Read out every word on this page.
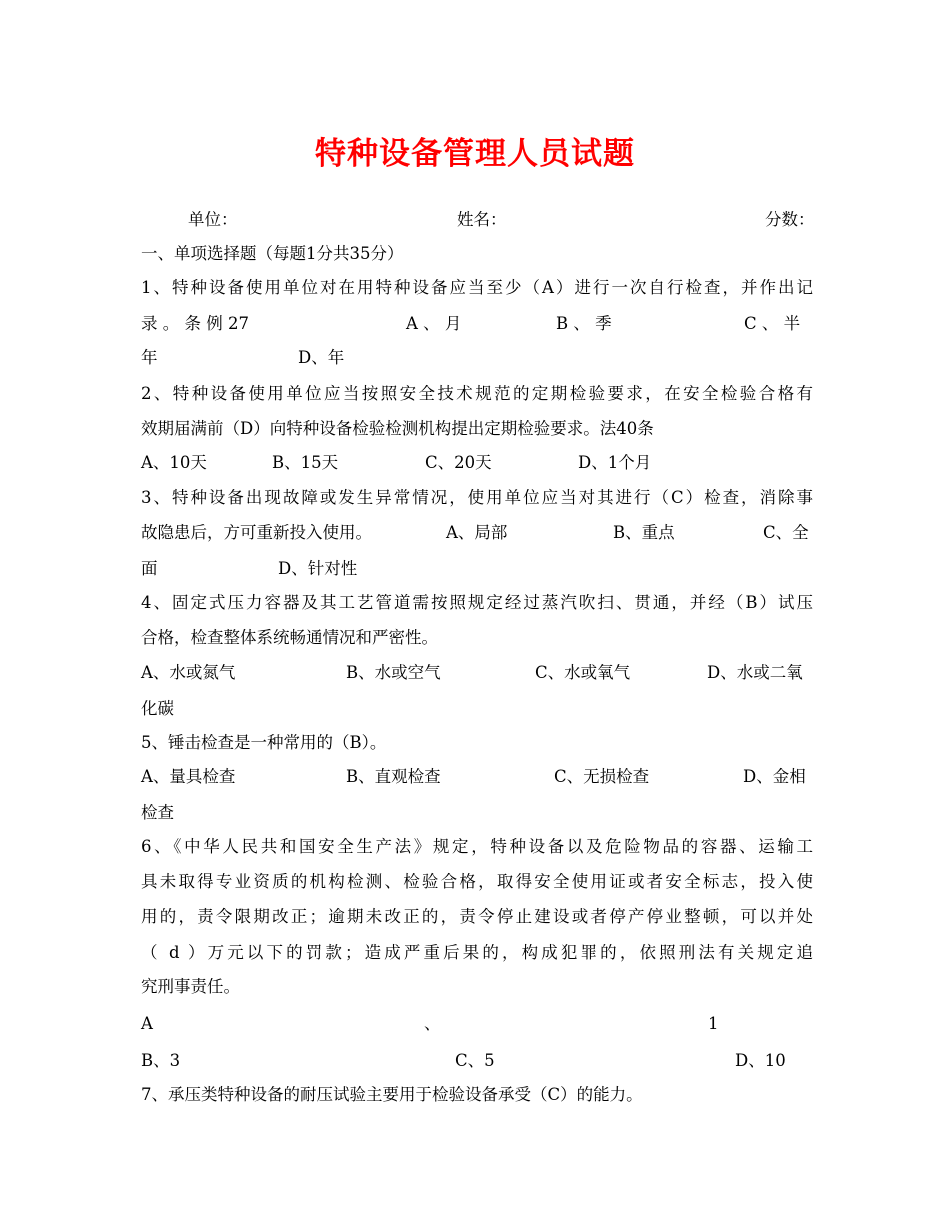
特种设备管理人员试题
单位：	姓名：	分数：
一、单项选择题（每题1分共35分）
1、特种设备使用单位对在用特种设备应当至少（A）进行一次自行检查，并作出记
录 。 条 例 27	A 、 月	B 、 季	C 、 半
年	D、年
2、特种设备使用单位应当按照安全技术规范的定期检验要求，在安全检验合格有
效期届满前（D）向特种设备检验检测机构提出定期检验要求。法40条
A、10天	B、15天	C、20天	D、1个月
3、特种设备出现故障或发生异常情况，使用单位应当对其进行（C）检查，消除事
故隐患后，方可重新投入使用。	A、局部	B、重点	C、全
面	D、针对性
4、固定式压力容器及其工艺管道需按照规定经过蒸汽吹扫、贯通，并经（B）试压
合格，检查整体系统畅通情况和严密性。
A、水或氮气	B、水或空气	C、水或氧气	D、水或二氧
化碳
5、锤击检查是一种常用的（B）。
A、量具检查	B、直观检查	C、无损检查	D、金相
检查
6、《中华人民共和国安全生产法》规定，特种设备以及危险物品的容器、运输工
具未取得专业资质的机构检测、检验合格，取得安全使用证或者安全标志，投入使
用的，责令限期改正；逾期未改正的，责令停止建设或者停产停业整顿，可以并处
（ d ）万元以下的罚款；造成严重后果的，构成犯罪的，依照刑法有关规定追
究刑事责任。
A	、	1
B、3	C、5	D、10
7、承压类特种设备的耐压试验主要用于检验设备承受（C）的能力。
